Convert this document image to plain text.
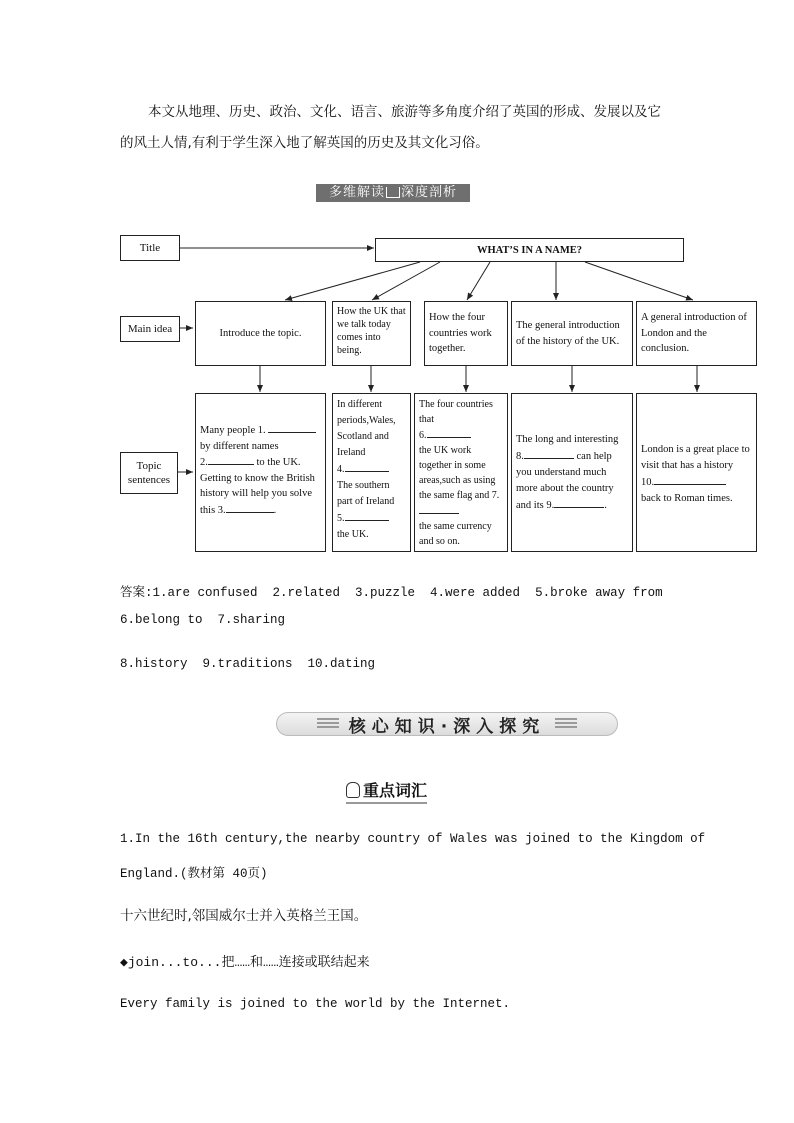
本文从地理、历史、政治、文化、语言、旅游等多角度介绍了英国的形成、发展以及它
的风土人情,有利于学生深入地了解英国的历史及其文化习俗。
多维解读 深度剖析
Title
Main idea
Topic sentences
WHAT’S IN A NAME?
Introduce the topic.
How the UK that we talk today comes into being.
How the four countries work together.
The general introduction of the history of the UK.
A general introduction of London and the conclusion.
Many people 1.
by different names
2.	to the UK.
Getting to know the British history will help you solve this 3.	.
In different periods,Wales, Scotland and Ireland
4.
The southern part of Ireland
5.
the UK.
The four countries that
6.
the UK work together in some areas,such as using the same flag and 7.
the same currency and so on.
The long and interesting
8.	can help you understand much more about the country and its 9.	.
London is a great place to visit that has a history
10.
back to Roman times.
答案:1.are confused  2.related  3.puzzle  4.were added  5.broke away from
6.belong to  7.sharing
8.history  9.traditions  10.dating
核心知识·深入探究
重点词汇
1.In the 16th century,the nearby country of Wales was joined to the Kingdom of
England.(教材第 40页)
十六世纪时,邻国威尔士并入英格兰王国。
◆join...to...把……和……连接或联结起来
Every family is joined to the world by the Internet.
